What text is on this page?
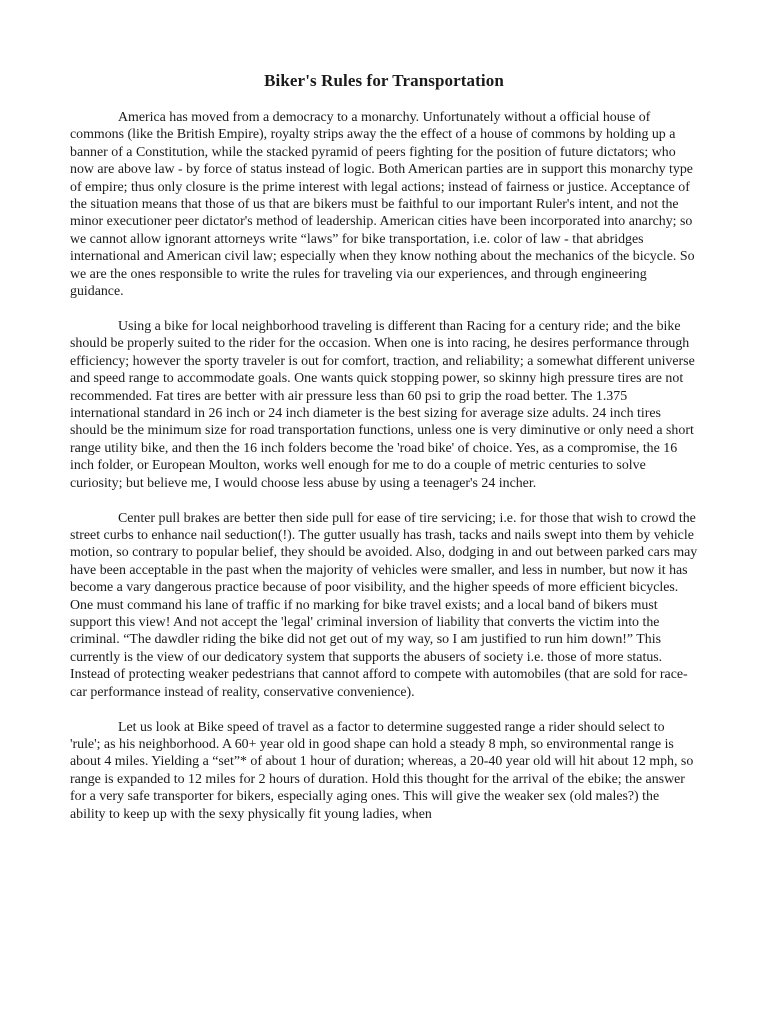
Biker's Rules for Transportation

America has moved from a democracy to a monarchy. Unfortunately without a official house of commons (like the British Empire), royalty strips away the the effect of a house of commons by holding up a banner of a Constitution, while the stacked pyramid of peers fighting for the position of future dictators; who now are above law - by force of status instead of logic. Both American parties are in support this monarchy type of empire; thus only closure is the prime interest with legal actions; instead of fairness or justice. Acceptance of the situation means that those of us that are bikers must be faithful to our important Ruler's intent, and not the minor executioner peer dictator's method of leadership. American cities have been incorporated into anarchy; so we cannot allow ignorant attorneys write “laws” for bike transportation, i.e. color of law - that abridges international and American civil law; especially when they know nothing about the mechanics of the bicycle. So we are the ones responsible to write the rules for traveling via our experiences, and through engineering guidance.

Using a bike for local neighborhood traveling is different than Racing for a century ride; and the bike should be properly suited to the rider for the occasion. When one is into racing, he desires performance through efficiency; however the sporty traveler is out for comfort, traction, and reliability; a somewhat different universe and speed range to accommodate goals. One wants quick stopping power, so skinny high pressure tires are not recommended. Fat tires are better with air pressure less than 60 psi to grip the road better. The 1.375 international standard in 26 inch or 24 inch diameter is the best sizing for average size adults. 24 inch tires should be the minimum size for road transportation functions, unless one is very diminutive or only need a short range utility bike, and then the 16 inch folders become the 'road bike' of choice. Yes, as a compromise, the 16 inch folder, or European Moulton, works well enough for me to do a couple of metric centuries to solve curiosity; but believe me, I would choose less abuse by using a teenager's 24 incher.

Center pull brakes are better then side pull for ease of tire servicing; i.e. for those that wish to crowd the street curbs to enhance nail seduction(!). The gutter usually has trash, tacks and nails swept into them by vehicle motion, so contrary to popular belief, they should be avoided. Also, dodging in and out between parked cars may have been acceptable in the past when the majority of vehicles were smaller, and less in number, but now it has become a vary dangerous practice because of poor visibility, and the higher speeds of more efficient bicycles. One must command his lane of traffic if no marking for bike travel exists; and a local band of bikers must support this view! And not accept the 'legal' criminal inversion of liability that converts the victim into the criminal. “The dawdler riding the bike did not get out of my way, so I am justified to run him down!” This currently is the view of our dedicatory system that supports the abusers of society i.e. those of more status. Instead of protecting weaker pedestrians that cannot afford to compete with automobiles (that are sold for race-car performance instead of reality, conservative convenience).

Let us look at Bike speed of travel as a factor to determine suggested range a rider should select to 'rule'; as his neighborhood. A 60+ year old in good shape can hold a steady 8 mph, so environmental range is about 4 miles. Yielding a “set”* of about 1 hour of duration; whereas, a 20-40 year old will hit about 12 mph, so range is expanded to 12 miles for 2 hours of duration. Hold this thought for the arrival of the ebike; the answer for a very safe transporter for bikers, especially aging ones. This will give the weaker sex (old males?) the ability to keep up with the sexy physically fit young ladies, when
